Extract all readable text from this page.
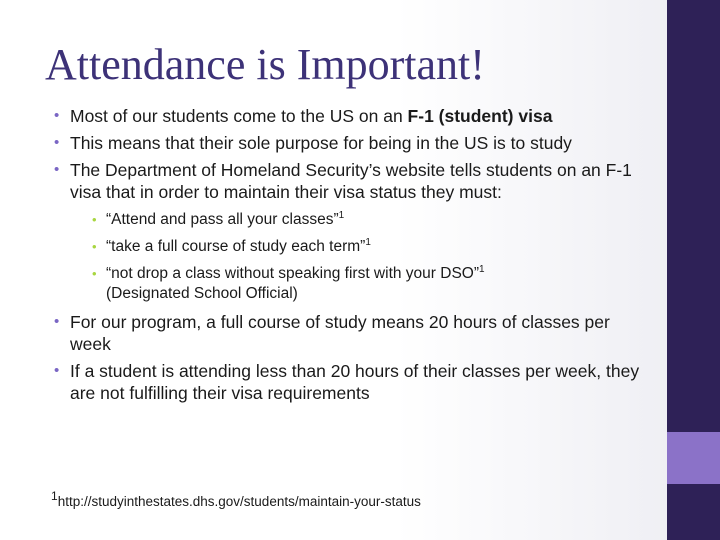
Attendance is Important!
• Most of our students come to the US on an F-1 (student) visa
• This means that their sole purpose for being in the US is to study
• The Department of Homeland Security’s website tells students on an F-1 visa that in order to maintain their visa status they must:
• “Attend and pass all your classes”$^1$
• “take a full course of study each term”$^1$
• “not drop a class without speaking first with your DSO”$^1$
(Designated School Official)
• For our program, a full course of study means 20 hours of classes per week
• If a student is attending less than 20 hours of their classes per week, they are not fulfilling their visa requirements
$^1$http://studyinthestates.dhs.gov/students/maintain-your-status
